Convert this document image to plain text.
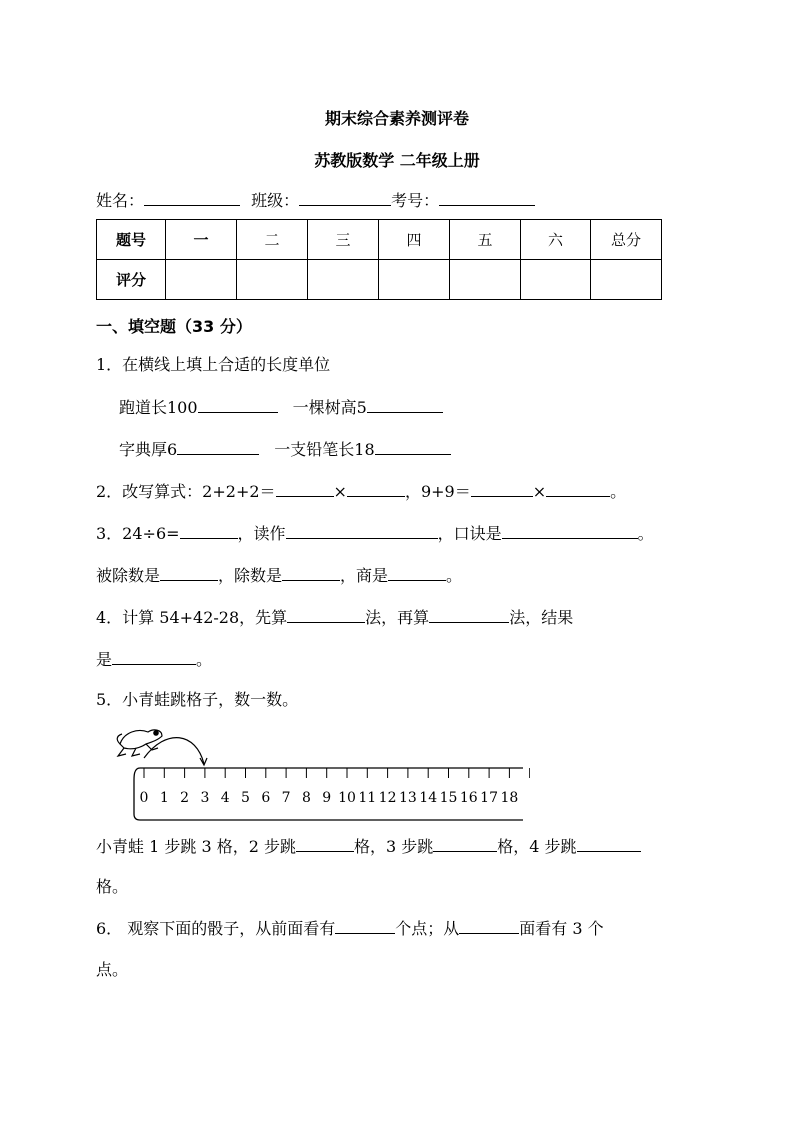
期末综合素养测评卷
苏教版数学 二年级上册
姓名：	班级：	考号：
题号	一	二	三	四	五	六	总分
评分							
一、填空题（33 分）
1．在横线上填上合适的长度单位
跑道长100	一棵树高5
字典厚6	一支铅笔长18
2．改写算式：2+2+2＝	×	，9+9＝	×	。
3．24÷6=	，读作	，口诀是	。
被除数是	，除数是	，商是	。
4．计算 54+42-28，先算	法，再算	法，结果
是	。
5．小青蛙跳格子，数一数。
0 1 2 3 4 5 6 7 8 9 10 11 12 13 14 15 16 17 18
小青蛙 1 步跳 3 格，2 步跳	格，3 步跳	格，4 步跳
格。
6． 观察下面的骰子，从前面看有	个点；从	面看有 3 个
点。
